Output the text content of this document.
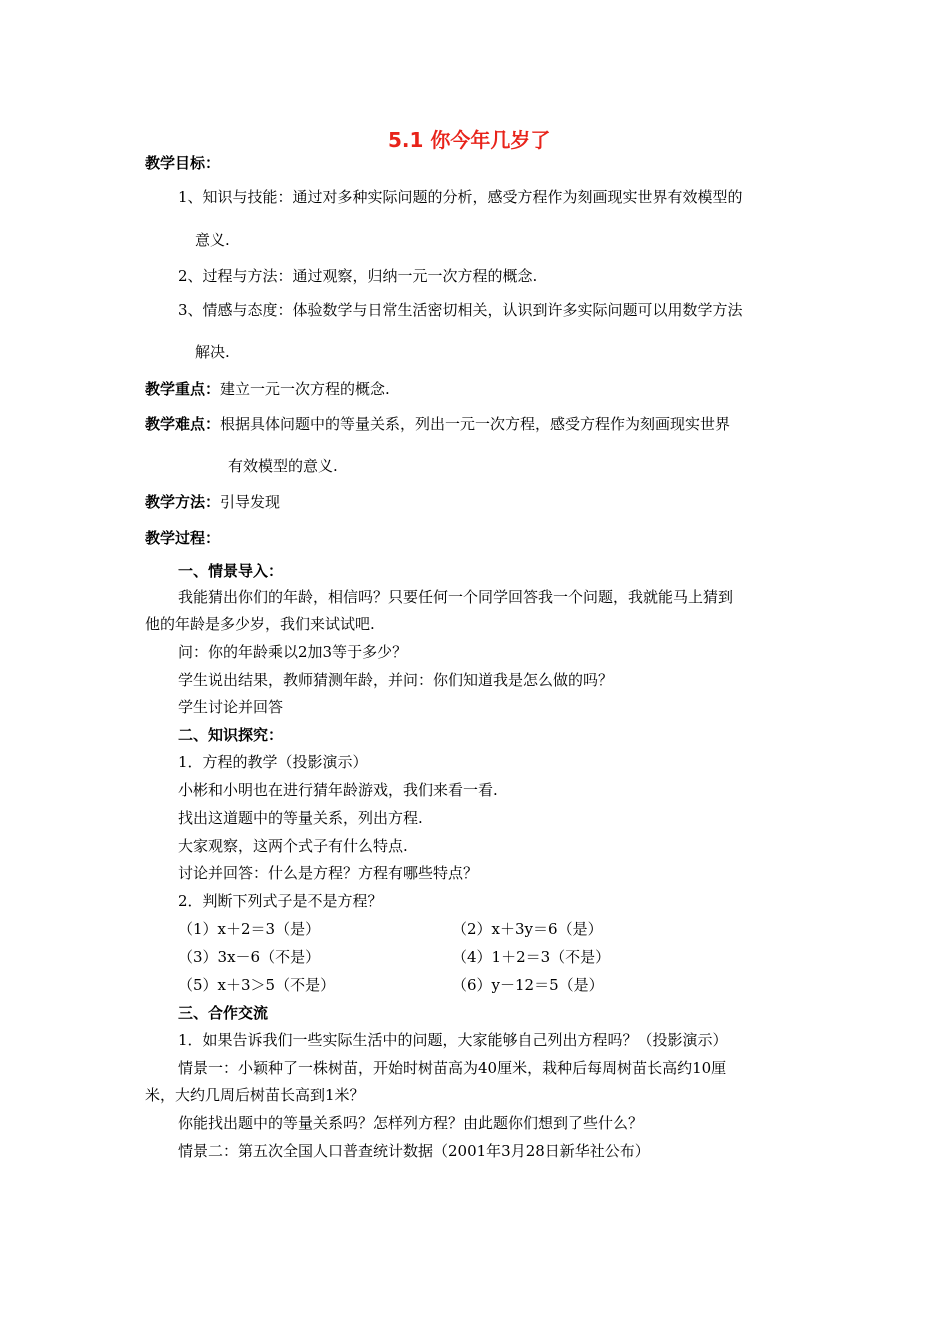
5.1 你今年几岁了
教学目标：
1、知识与技能：通过对多种实际问题的分析，感受方程作为刻画现实世界有效模型的
意义.
2、过程与方法：通过观察，归纳一元一次方程的概念.
3、情感与态度：体验数学与日常生活密切相关，认识到许多实际问题可以用数学方法
解决.
教学重点：建立一元一次方程的概念.
教学难点：根据具体问题中的等量关系，列出一元一次方程，感受方程作为刻画现实世界
有效模型的意义.
教学方法：引导发现
教学过程：
一、情景导入：
我能猜出你们的年龄，相信吗？只要任何一个同学回答我一个问题，我就能马上猜到
他的年龄是多少岁，我们来试试吧.
问：你的年龄乘以2加3等于多少？
学生说出结果，教师猜测年龄，并问：你们知道我是怎么做的吗？
学生讨论并回答
二、知识探究：
1．方程的教学（投影演示）
小彬和小明也在进行猜年龄游戏，我们来看一看.
找出这道题中的等量关系，列出方程.
大家观察，这两个式子有什么特点.
讨论并回答：什么是方程？方程有哪些特点？
2．判断下列式子是不是方程？
（1）x＋2＝3（是）	（2）x＋3y＝6（是）
（3）3x－6（不是）	（4）1＋2＝3（不是）
（5）x＋3＞5（不是）	（6）y－12＝5（是）
三、合作交流
1．如果告诉我们一些实际生活中的问题，大家能够自己列出方程吗？（投影演示）
情景一：小颖种了一株树苗，开始时树苗高为40厘米，栽种后每周树苗长高约10厘
米，大约几周后树苗长高到1米？
你能找出题中的等量关系吗？怎样列方程？由此题你们想到了些什么？
情景二：第五次全国人口普查统计数据（2001年3月28日新华社公布）
